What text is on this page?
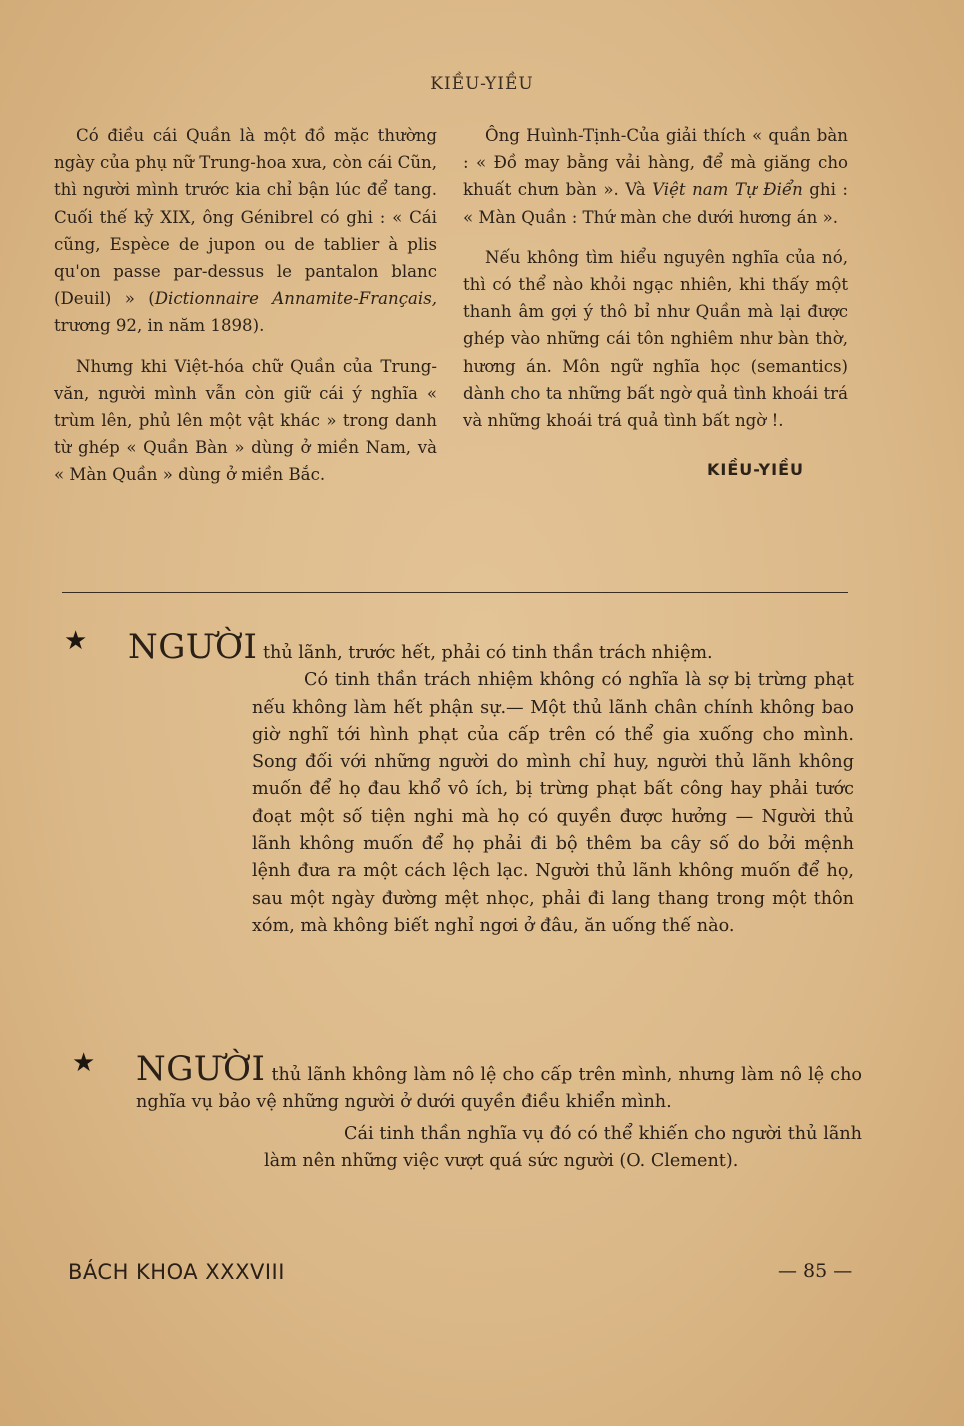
KIỀU-YIỀU

Có điều cái Quần là một đồ mặc thường ngày của phụ nữ Trung-hoa xưa, còn cái Cũn, thì người mình trước kia chỉ bận lúc để tang. Cuối thế kỷ XIX, ông Génibrel có ghi : « Cái cũng, Espèce de jupon ou de tablier à plis qu'on passe par-dessus le pantalon blanc (Deuil) » (Dictionnaire Annamite-Français, trương 92, in năm 1898).

Nhưng khi Việt-hóa chữ Quần của Trung-văn, người mình vẫn còn giữ cái ý nghĩa « trùm lên, phủ lên một vật khác » trong danh từ ghép « Quần Bàn » dùng ở miền Nam, và « Màn Quần » dùng ở miền Bắc.

Ông Huình-Tịnh-Của giải thích « quần bàn : « Đồ may bằng vải hàng, để mà giăng cho khuất chưn bàn ». Và Việt nam Tự Điển ghi : « Màn Quần : Thứ màn che dưới hương án ».

Nếu không tìm hiểu nguyên nghĩa của nó, thì có thể nào khỏi ngạc nhiên, khi thấy một thanh âm gợi ý thô bỉ như Quần mà lại được ghép vào những cái tôn nghiêm như bàn thờ, hương án. Môn ngữ nghĩa học (semantics) dành cho ta những bất ngờ quả tình khoái trá và những khoái trá quả tình bất ngờ !.

KIỀU-YIỀU
★ NGƯỜI thủ lãnh, trước hết, phải có tinh thần trách nhiệm.

Có tinh thần trách nhiệm không có nghĩa là sợ bị trừng phạt nếu không làm hết phận sự.— Một thủ lãnh chân chính không bao giờ nghĩ tới hình phạt của cấp trên có thể gia xuống cho mình. Song đối với những người do mình chỉ huy, người thủ lãnh không muốn để họ đau khổ vô ích, bị trừng phạt bất công hay phải tước đoạt một số tiện nghi mà họ có quyền được hưởng — Người thủ lãnh không muốn để họ phải đi bộ thêm ba cây số do bởi mệnh lệnh đưa ra một cách lệch lạc. Người thủ lãnh không muốn để họ, sau một ngày đường mệt nhọc, phải đi lang thang trong một thôn xóm, mà không biết nghỉ ngơi ở đâu, ăn uống thế nào.

★ NGƯỜI thủ lãnh không làm nô lệ cho cấp trên mình, nhưng làm nô lệ cho nghĩa vụ bảo vệ những người ở dưới quyền điều khiển mình.

Cái tinh thần nghĩa vụ đó có thể khiến cho người thủ lãnh làm nên những việc vượt quá sức người (O. Clement).

BÁCH KHOA XXXVIII	— 85 —
